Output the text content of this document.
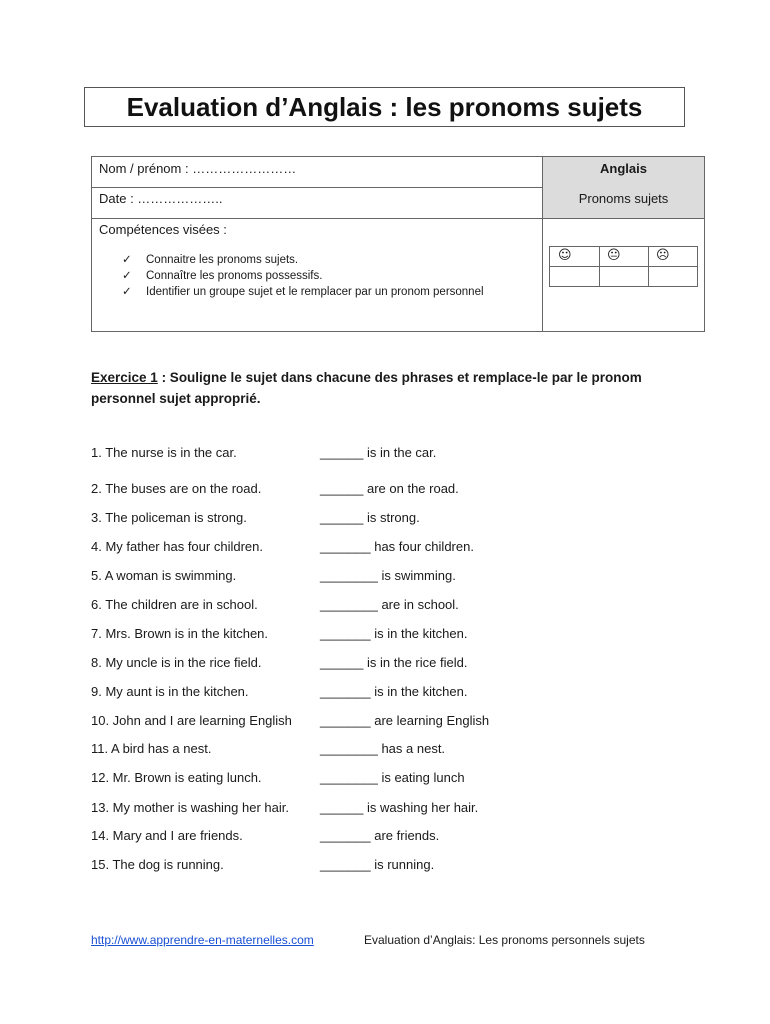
Evaluation d’Anglais : les pronoms sujets
Nom / prénom : ……………………
Date : ………………..
Anglais
Pronoms sujets
Compétences visées :
✓ Connaitre les pronoms sujets.
✓ Connaître les pronoms possessifs.
✓ Identifier un groupe sujet et le remplacer par un pronom personnel
☺	😐	☹
Exercice 1 : Souligne le sujet dans chacune des phrases et remplace-le par le pronom personnel sujet approprié.
1. The nurse is in the car.	______ is in the car.
2. The buses are on the road.	______ are on the road.
3. The policeman is strong.	______ is strong.
4. My father has four children.	_______ has four children.
5. A woman is swimming.	________ is swimming.
6. The children are in school.	________ are in school.
7. Mrs. Brown is in the kitchen.	_______ is in the kitchen.
8. My uncle is in the rice field.	______ is in the rice field.
9. My aunt is in the kitchen.	_______ is in the kitchen.
10. John and I are learning English _______ are learning English
11. A bird has a nest.	________ has a nest.
12. Mr. Brown is eating lunch.	________ is eating lunch
13. My mother is washing her hair. ______ is washing her hair.
14. Mary and I are friends.	_______ are friends.
15. The dog is running.	_______ is running.
http://www.apprendre-en-maternelles.com	Evaluation d’Anglais: Les pronoms personnels sujets
